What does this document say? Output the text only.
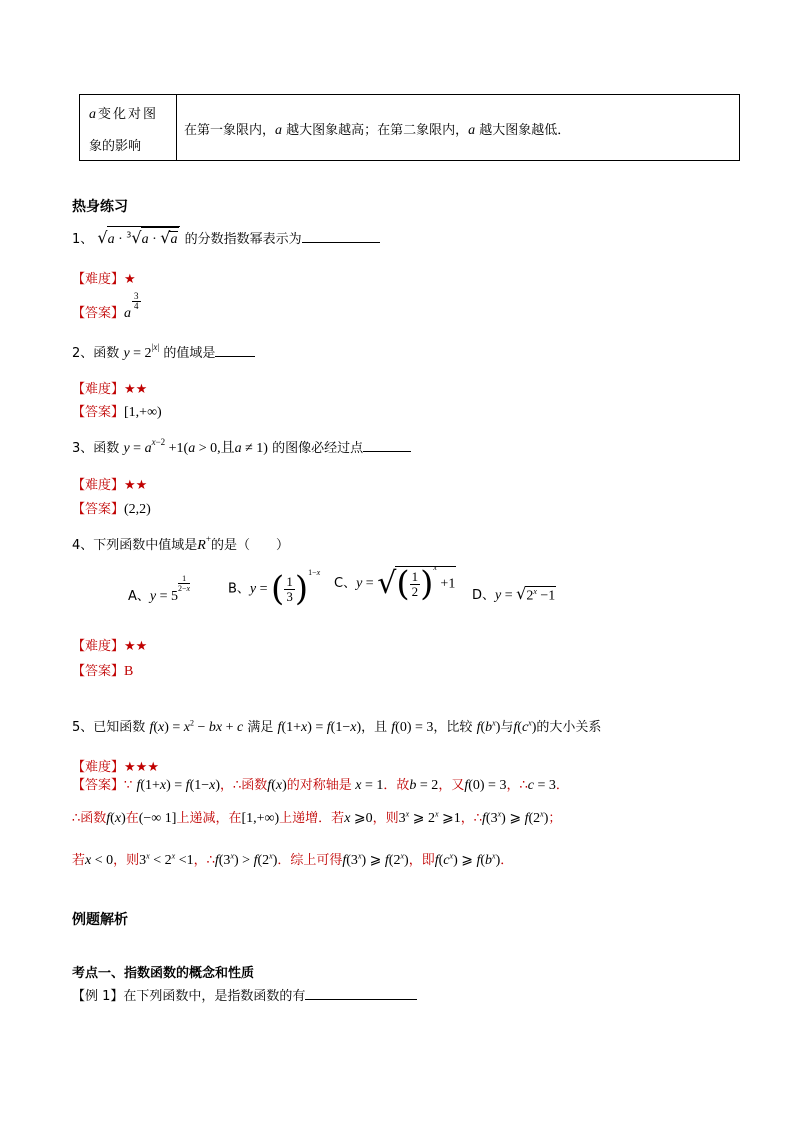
a变化对图
象的影响
在第一象限内，a 越大图象越高；在第二象限内，a 越大图象越低．
热身练习
1、 √a · $^3$√a · √a 的分数指数幂表示为
【难度】★
【答案】a
$\frac{3}{4}$
2、函数 $y = 2^{|x|}$ 的值域是
【难度】★★
【答案】[1,+∞)
3、函数 $y = a^{x-2} +1(a > 0$,且a ≠ 1) 的图像必经过点
【难度】★★
【答案】(2,2)
4、下列函数中值域是R+的是（　　）
A、y = 5
$\frac{1}{2-x}$	B、y = ( $\frac{1}{3} )^{1-x}$
C、y = √( $\frac{1}{2} )^x +1$
D、$y = √2^x -1$
【难度】★★
【答案】B
5、已知函数 $f(x) = x^2$ − bx + c 满足 f(1+x) = f(1−x)，且 f(0) = 3，比较 $f(b^x)$与$f(c^x)$的大小关系
【难度】★★★
【答案】∵ f(1+x) = f(1−x)，∴函数f(x)的对称轴是 x = 1．故b = 2，又f(0) = 3，∴c = 3．
∴函数f(x)在(−∞ 1]上递减，在[1,+∞)上递增．若x ⩾0，则3$^x$ ⩾ 2$^x$ ⩾1，∴f(3$^x$) ⩾ f(2$^x$)；
若x < 0，则$3^x < 2^x <1$，$\therefore f(3^x) > f(2^x)$．综上可得f(3$^x$) ⩾ f(2$^x$)，即$f(c^x)$ ⩾ $f(b^x)$．
例题解析
考点一、指数函数的概念和性质
【例 1】在下列函数中，是指数函数的有
